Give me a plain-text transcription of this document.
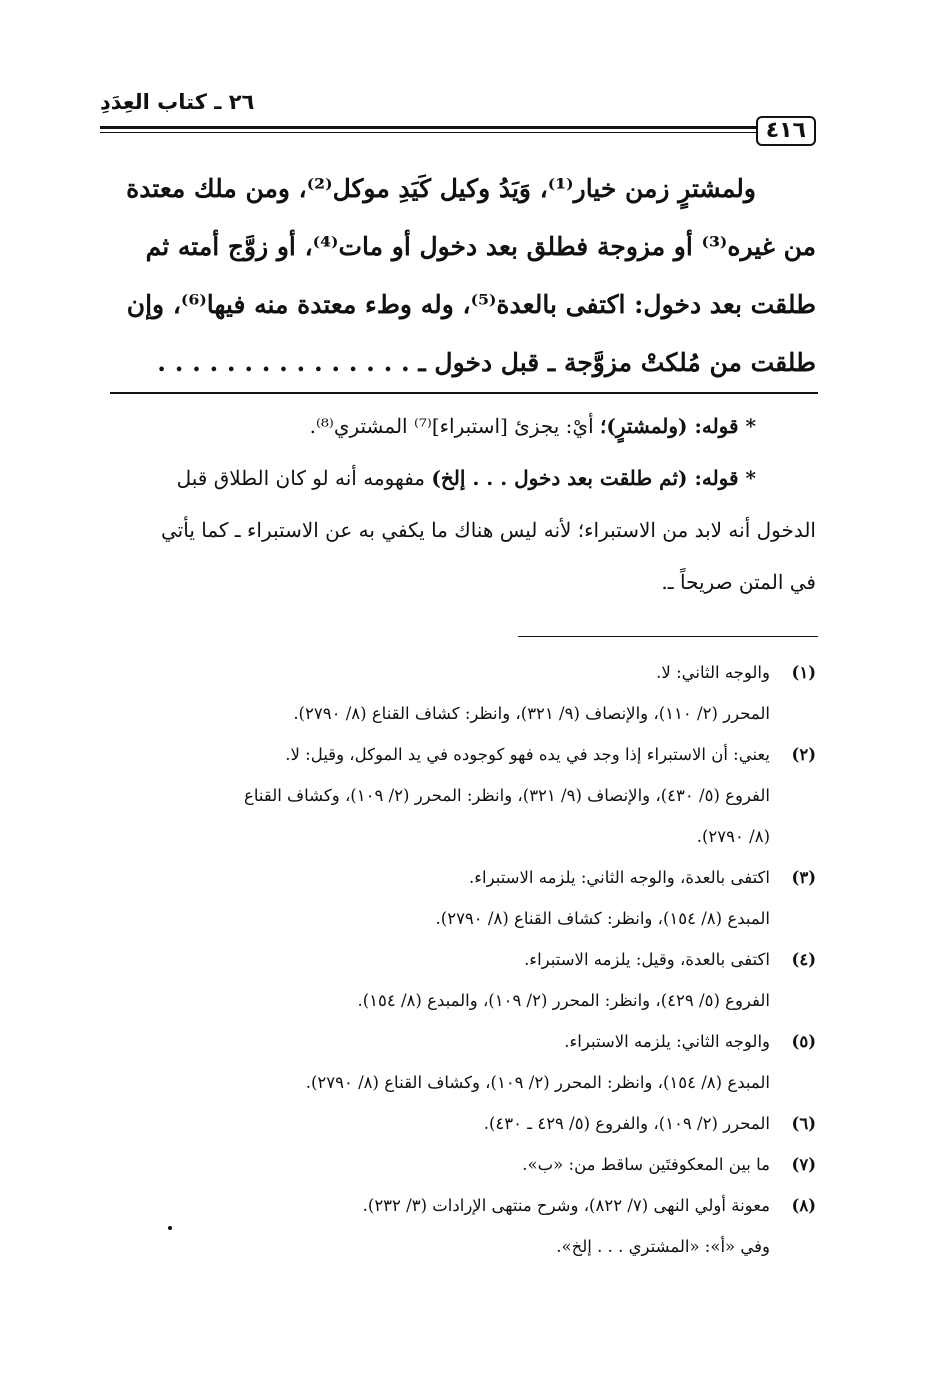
٢٦ ـ كتاب العِدَدِ
٤١٦

ولمشترٍ زمن خيار⁽¹⁾، وَيَدُ وكيل كَيَدِ موكل⁽²⁾، ومن ملك معتدة

من غيره⁽³⁾ أو مزوجة فطلق بعد دخول أو مات⁽⁴⁾، أو زوَّج أمته ثم

طلقت بعد دخول: اكتفى بالعدة⁽⁵⁾، وله وطء معتدة منه فيها⁽⁶⁾، وإن

طلقت من مُلكتْ مزوَّجة ـ قبل دخول ـ . . . . . . . . . . . . . . .

* قوله: (ولمشترٍ)؛ أيْ: يجزئ [استبراء]⁽⁷⁾ المشتري⁽⁸⁾.

* قوله: (ثم طلقت بعد دخول . . . إلخ) مفهومه أنه لو كان الطلاق قبل

الدخول أنه لابد من الاستبراء؛ لأنه ليس هناك ما يكفي به عن الاستبراء ـ كما يأتي

في المتن صريحاً ـ.

(١)والوجه الثاني: لا.

المحرر (٢/ ١١٠)، والإنصاف (٩/ ٣٢١)، وانظر: كشاف القناع (٨/ ٢٧٩٠).

(٢)يعني: أن الاستبراء إذا وجد في يده فهو كوجوده في يد الموكل، وقيل: لا.

الفروع (٥/ ٤٣٠)، والإنصاف (٩/ ٣٢١)، وانظر: المحرر (٢/ ١٠٩)، وكشاف القناع

(٨/ ٢٧٩٠).

(٣)اكتفى بالعدة، والوجه الثاني: يلزمه الاستبراء.

المبدع (٨/ ١٥٤)، وانظر: كشاف القناع (٨/ ٢٧٩٠).

(٤)اكتفى بالعدة، وقيل: يلزمه الاستبراء.

الفروع (٥/ ٤٢٩)، وانظر: المحرر (٢/ ١٠٩)، والمبدع (٨/ ١٥٤).

(٥)والوجه الثاني: يلزمه الاستبراء.

المبدع (٨/ ١٥٤)، وانظر: المحرر (٢/ ١٠٩)، وكشاف القناع (٨/ ٢٧٩٠).

(٦)المحرر (٢/ ١٠٩)، والفروع (٥/ ٤٢٩ ـ ٤٣٠).

(٧)ما بين المعكوفتَين ساقط من: «ب».

(٨)معونة أولي النهى (٧/ ٨٢٢)، وشرح منتهى الإرادات (٣/ ٢٣٢).

وفي «أ»: «المشتري . . . إلخ».
